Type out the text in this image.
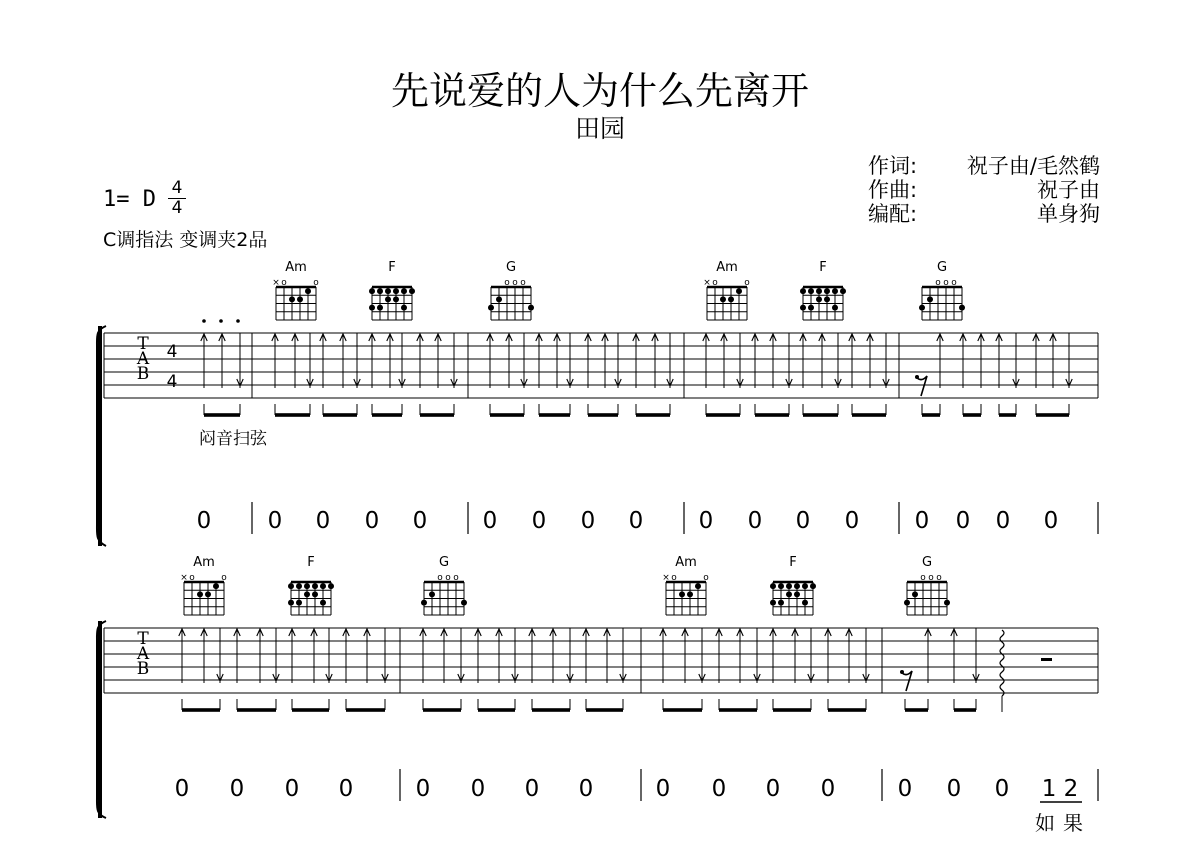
先说爱的人为什么先离开
田园
作词: 祝子由/毛然鹤
作曲:	祝子由
编配:	单身狗
1= D 4
4
C调指法 变调夹2品
T
A
B
4
4
闷音扫弦
0 0 0 0 0 0 0 0 0 0 0 0 0 0 0 0 0
Am
× o	o
F	G
o o o
Am
× o	o
F	G
o o o
T
A
B
0 0 0 0	0 0 0 0	0 0 0 0	0 0 0 1 2
如 果
Am
× o	o
F	G
o o o
Am
× o	o
F	G
o o o
